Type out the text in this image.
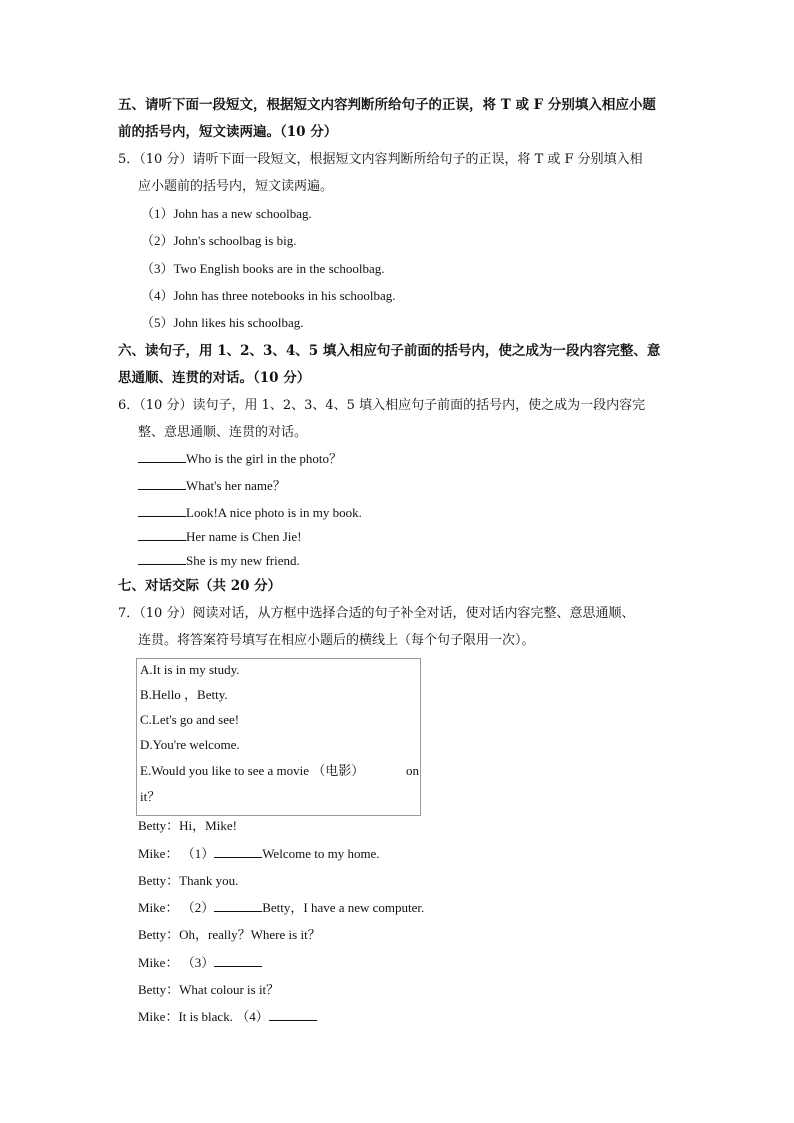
五、请听下面一段短文，根据短文内容判断所给句子的正误，将 T 或 F 分别填入相应小题
前的括号内，短文读两遍。（10 分）
5．（10 分）请听下面一段短文，根据短文内容判断所给句子的正误，将 T 或 F 分别填入相
应小题前的括号内，短文读两遍。
（1）John has a new schoolbag.
（2）John's schoolbag is big.
（3）Two English books are in the schoolbag.
（4）John has three notebooks in his schoolbag.
（5）John likes his schoolbag.
六、读句子，用 1、2、3、4、5 填入相应句子前面的括号内，使之成为一段内容完整、意
思通顺、连贯的对话。（10 分）
6．（10 分）读句子，用 1、2、3、4、5 填入相应句子前面的括号内，使之成为一段内容完
整、意思通顺、连贯的对话。
Who is the girl in the photo？
What's her name？
Look!A nice photo is in my book.
Her name is Chen Jie!
She is my new friend.
七、对话交际（共 20 分）
7．（10 分）阅读对话，从方框中选择合适的句子补全对话，使对话内容完整、意思通顺、
连贯。将答案符号填写在相应小题后的横线上（每个句子限用一次）。
A.It is in my study.
B.Hello ，Betty.
C.Let's go and see!
D.You're welcome.
E.Would you like to see a movie （电影）	on
it？
Betty：Hi，Mike!
Mike： （1）	Welcome to my home.
Betty：Thank you.
Mike： （2）	Betty，I have a new computer.
Betty：Oh，really？Where is it？
Mike： （3）
Betty：What colour is it？
Mike：It is black. （4）
